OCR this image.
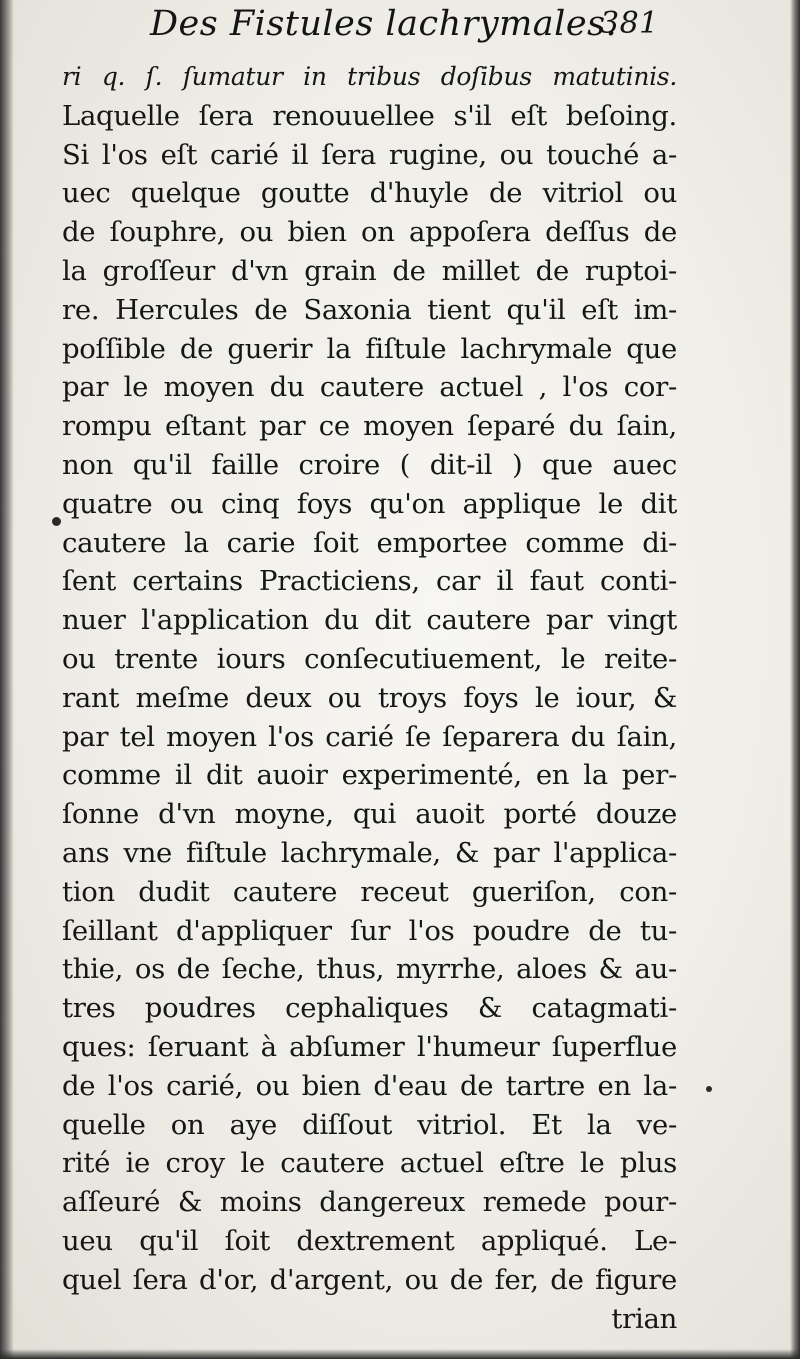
Des Fistules lachrymales.
381
ri q. ſ. ſumatur in tribus doſibus matutinis.
Laquelle ſera renouuellee s'il eſt beſoing.
Si l'os eſt carié il ſera rugine, ou touché a-
uec quelque goutte d'huyle de vitriol ou
de ſouphre, ou bien on appoſera deſſus de
la groſſeur d'vn grain de millet de ruptoi-
re. Hercules de Saxonia tient qu'il eſt im-
poſſible de guerir la fiſtule lachrymale que
par le moyen du cautere actuel , l'os cor-
rompu eſtant par ce moyen ſeparé du ſain,
non qu'il faille croire ( dit-il ) que auec
quatre ou cinq foys qu'on applique le dit
cautere la carie ſoit emportee comme di-
ſent certains Practiciens, car il faut conti-
nuer l'application du dit cautere par vingt
ou trente iours conſecutiuement, le reite-
rant meſme deux ou troys foys le iour, &
par tel moyen l'os carié ſe ſeparera du ſain,
comme il dit auoir experimenté, en la per-
ſonne d'vn moyne, qui auoit porté douze
ans vne fiſtule lachrymale, & par l'applica-
tion dudit cautere receut gueriſon, con-
ſeillant d'appliquer ſur l'os poudre de tu-
thie, os de ſeche, thus, myrrhe, aloes & au-
tres poudres cephaliques & catagmati-
ques: ſeruant à abſumer l'humeur ſuperflue
de l'os carié, ou bien d'eau de tartre en la-
quelle on aye diſſout vitriol. Et la ve-
rité ie croy le cautere actuel eſtre le plus
aſſeuré & moins dangereux remede pour-
ueu qu'il ſoit dextrement appliqué. Le-
quel ſera d'or, d'argent, ou de fer, de figure
trian
